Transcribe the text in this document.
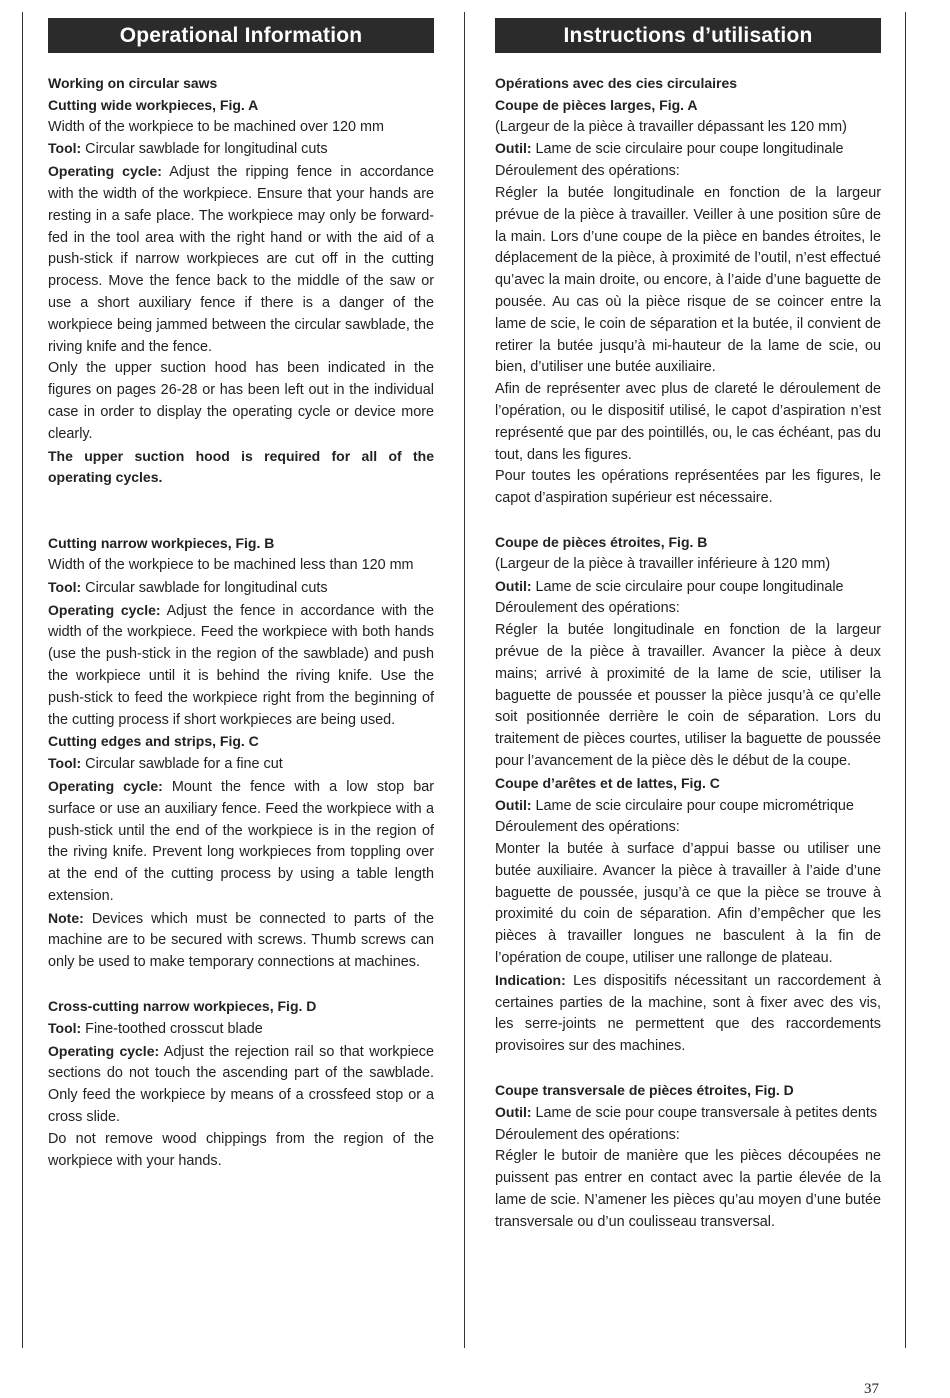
Operational Information

Working on circular saws

Cutting wide workpieces, Fig. A

Width of the workpiece to be machined over 120 mm

Tool: Circular sawblade for longitudinal cuts

Operating cycle: Adjust the ripping fence in accordance with the width of the workpiece. Ensure that your hands are resting in a safe place. The workpiece may only be forward-fed in the tool area with the right hand or with the aid of a push-stick if narrow workpieces are cut off in the cutting process. Move the fence back to the middle of the saw or use a short auxiliary fence if there is a danger of the workpiece being jammed between the circular sawblade, the riving knife and the fence.

Only the upper suction hood has been indicated in the figures on pages 26-28 or has been left out in the individual case in order to display the operating cycle or device more clearly.

The upper suction hood is required for all of the operating cycles.

Cutting narrow workpieces, Fig. B

Width of the workpiece to be machined less than 120 mm

Tool: Circular sawblade for longitudinal cuts

Operating cycle: Adjust the fence in accordance with the width of the workpiece. Feed the workpiece with both hands (use the push-stick in the region of the sawblade) and push the workpiece until it is behind the riving knife. Use the push-stick to feed the workpiece right from the beginning of the cutting process if short workpieces are being used.

Cutting edges and strips, Fig. C

Tool: Circular sawblade for a fine cut

Operating cycle: Mount the fence with a low stop bar surface or use an auxiliary fence. Feed the workpiece with a push-stick until the end of the workpiece is in the region of the riving knife. Prevent long workpieces from toppling over at the end of the cutting process by using a table length extension.

Note: Devices which must be connected to parts of the machine are to be secured with screws. Thumb screws can only be used to make temporary connections at machines.

Cross-cutting narrow workpieces, Fig. D

Tool: Fine-toothed crosscut blade

Operating cycle: Adjust the rejection rail so that workpiece sections do not touch the ascending part of the sawblade. Only feed the workpiece by means of a crossfeed stop or a cross slide.

Do not remove wood chippings from the region of the workpiece with your hands.

Instructions d’utilisation

Opérations avec des cies circulaires

Coupe de pièces larges, Fig. A

(Largeur de la pièce à travailler dépassant les 120 mm)

Outil: Lame de scie circulaire pour coupe longitudinale

Déroulement des opérations:

Régler la butée longitudinale en fonction de la largeur prévue de la pièce à travailler. Veiller à une position sûre de la main. Lors d’une coupe de la pièce en bandes étroites, le déplacement de la pièce, à proximité de l’outil, n’est effectué qu’avec la main droite, ou encore, à l’aide d’une baguette de pousée. Au cas où la pièce risque de se coincer entre la lame de scie, le coin de séparation et la butée, il convient de retirer la butée jusqu’à mi-hauteur de la lame de scie, ou bien, d’utiliser une butée auxiliaire.

Afin de représenter avec plus de clareté le déroulement de l’opération, ou le dispositif utilisé, le capot d’aspiration n’est représenté que par des pointillés, ou, le cas échéant, pas du tout, dans les figures.

Pour toutes les opérations représentées par les figures, le capot d’aspiration supérieur est nécessaire.

Coupe de pièces étroites, Fig. B

(Largeur de la pièce à travailler inférieure à 120 mm)

Outil: Lame de scie circulaire pour coupe longitudinale

Déroulement des opérations:

Régler la butée longitudinale en fonction de la largeur prévue de la pièce à travailler. Avancer la pièce à deux mains; arrivé à proximité de la lame de scie, utiliser la baguette de poussée et pousser la pièce jusqu’à ce qu’elle soit positionnée derrière le coin de séparation. Lors du traitement de pièces courtes, utiliser la baguette de poussée pour l’avancement de la pièce dès le début de la coupe.

Coupe d’arêtes et de lattes, Fig. C

Outil: Lame de scie circulaire pour coupe micrométrique

Déroulement des opérations:

Monter la butée à surface d’appui basse ou utiliser une butée auxiliaire. Avancer la pièce à travailler à l’aide d’une baguette de poussée, jusqu’à ce que la pièce se trouve à proximité du coin de séparation. Afin d’empêcher que les pièces à travailler longues ne basculent à la fin de l’opération de coupe, utiliser une rallonge de plateau.

Indication: Les dispositifs nécessitant un raccordement à certaines parties de la machine, sont à fixer avec des vis, les serre-joints ne permettent que des raccordements provisoires sur des machines.

Coupe transversale de pièces étroites, Fig. D

Outil: Lame de scie pour coupe transversale à petites dents

Déroulement des opérations:

Régler le butoir de manière que les pièces découpées ne puissent pas entrer en contact avec la partie élevée de la lame de scie. N’amener les pièces qu’au moyen d’une butée transversale ou d’un coulisseau transversal.

37
